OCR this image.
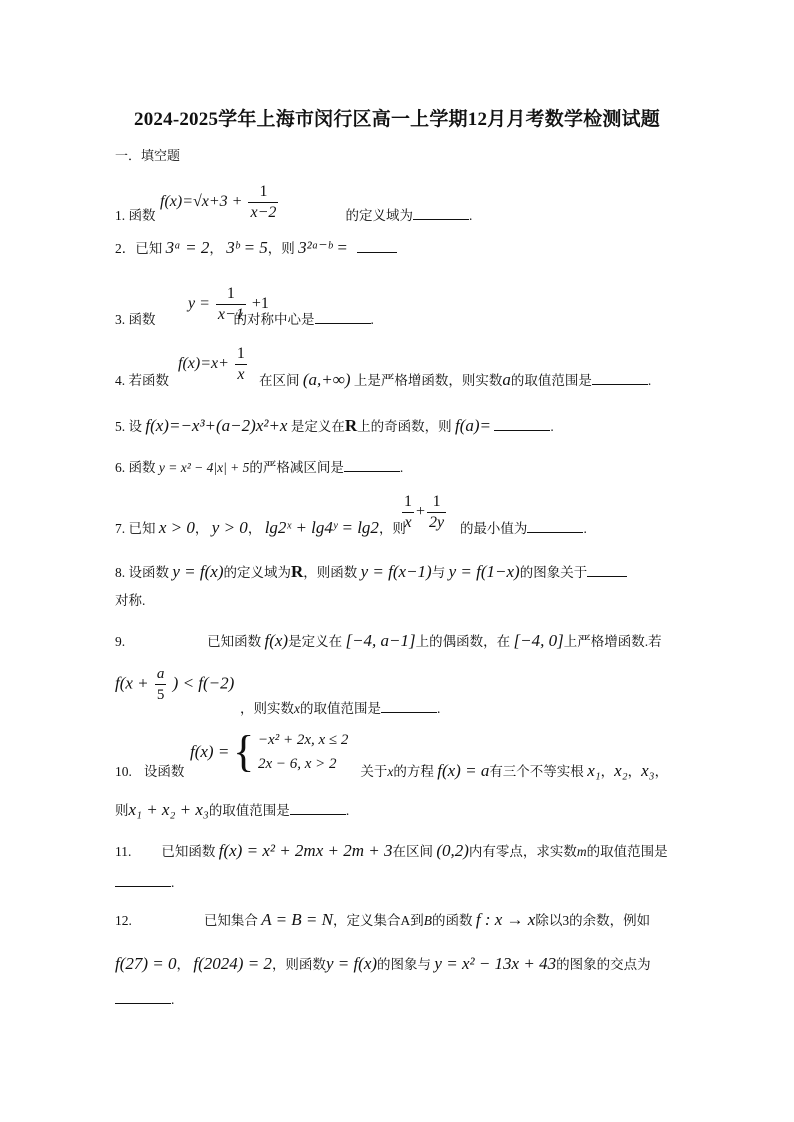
2024-2025学年上海市闵行区高一上学期12月月考数学检测试题
一．填空题
$f(x)=√x+3 + \frac{1}{x-2}$
1. 函数	的定义域为	.
2．已知 3ᵃ = 2， 3ᵇ = 5，则 3²ᵃ⁻ᵇ =
$y = \frac{1}{x-1} +1$
3. 函数	的对称中心是	.
$f(x)=x+ \frac{1}{x}$
4. 若函数	在区间 (a,+∞) 上是严格增函数，则实数a的取值范围是	.
5. 设 f(x)=−x³+(a−2)x²+x 是定义在R上的奇函数，则 f(a)=	.
6. 函数 y = x² − 4|x| + 5的严格减区间是	.
$\frac{1}{x} + \frac{1}{2y}$
7. 已知 x > 0， y > 0， lg2ˣ + lg4ʸ = lg2，则	的最小值为	.
8. 设函数 y = f(x)的定义域为R，则函数 y = f(x−1)与 y = f(1−x)的图象关于
对称.
9.	已知函数 f(x)是定义在 [−4, a−1]上的偶函数，在 [−4, 0]上严格增函数.若
$f(x + \frac{a}{5}$ ) < f(−2)
，则实数x的取值范围是	.
f(x) = { −x² + 2x, x ≤ 2
2x − 6, x > 2
10. 设函数	关于x的方程 f(x) = a有三个不等实根 x₁，x₂，x₃，
则x₁ + x₂ + x₃的取值范围是	.
11. 已知函数 f(x) = x² + 2mx + 2m + 3在区间 (0,2)内有零点，求实数m的取值范围是
.
12.	已知集合 A = B = N，定义集合A到B的函数 f : x → x除以3的余数，例如
f(27) = 0， f(2024) = 2，则函数y = f(x)的图象与 y = x² − 13x + 43的图象的交点为
.
